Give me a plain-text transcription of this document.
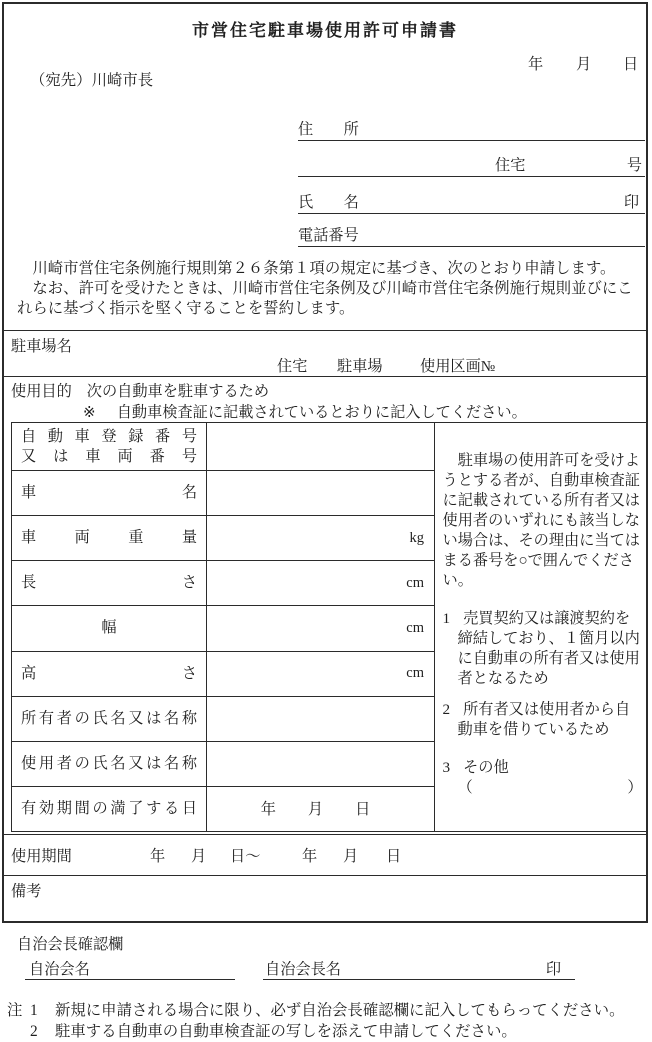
市営住宅駐車場使用許可申請書
年 月 日
（宛先）川崎市長
住　　所
住宅	号
氏　　名	印
電話番号

川崎市営住宅条例施行規則第２６条第１項の規定に基づき、次のとおり申請します。

なお、許可を受けたときは、川崎市営住宅条例及び川崎市営住宅条例施行規則並びにこれらに基づく指示を堅く守ることを誓約します。

駐車場名
住宅 駐車場 使用区画№
使用目的 次の自動車を駐車するため
※ 自動車検査証に記載されているとおりに記入してください。
自動車登録番号
又は車両番号
車名
車両重量	kg
長さ	cm
幅	cm
高さ	cm
所有者の氏名又は名称
使用者の氏名又は名称
有効期間の満了する日	年 月 日

駐車場の使用許可を受けようとする者が、自動車検査証に記載されている所有者又は使用者のいずれにも該当しない場合は、その理由に当てはまる番号を○で囲んでください。

1 売買契約又は譲渡契約を締結しており、１箇月以内に自動車の所有者又は使用者となるため

2 所有者又は使用者から自動車を借りているため

3 その他

（	）
使用期間	年 月 日～	年 月 日
備考
自治会長確認欄
自治会名	自治会長名	印
注 1	新規に申請される場合に限り、必ず自治会長確認欄に記入してもらってください。
2	駐車する自動車の自動車検査証の写しを添えて申請してください。
